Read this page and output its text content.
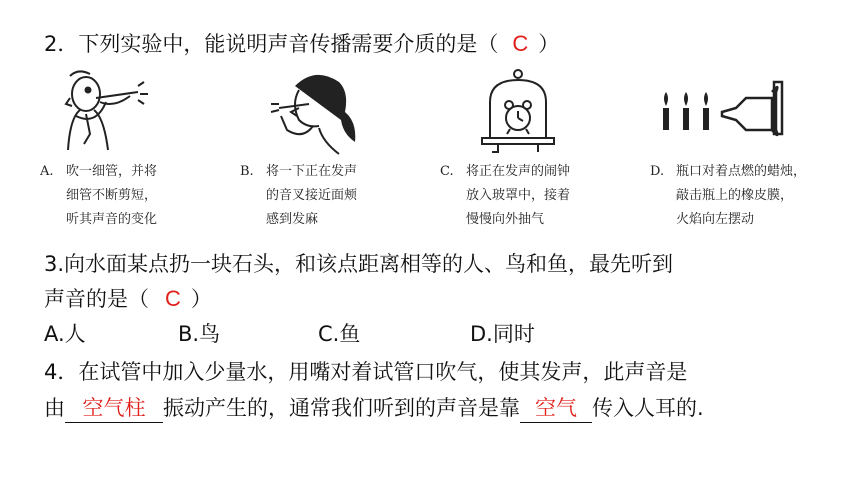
2．下列实验中，能说明声音传播需要介质的是（ C ）
A. 吹一细管，并将
细管不断剪短，
听其声音的变化
B. 将一下正在发声
的音叉接近面颊
感到发麻
C. 将正在发声的闹钟
放入玻罩中，接着
慢慢向外抽气
D. 瓶口对着点燃的蜡烛，
敲击瓶上的橡皮膜，
火焰向左摆动
3.向水面某点扔一块石头，和该点距离相等的人、鸟和鱼，最先听到
声音的是（ C ）
A.人	B.鸟	C.鱼	D.同时
4．在试管中加入少量水，用嘴对着试管口吹气，使其发声，此声音是
由 空气柱 振动产生的，通常我们听到的声音是靠 空气 传入人耳的.
